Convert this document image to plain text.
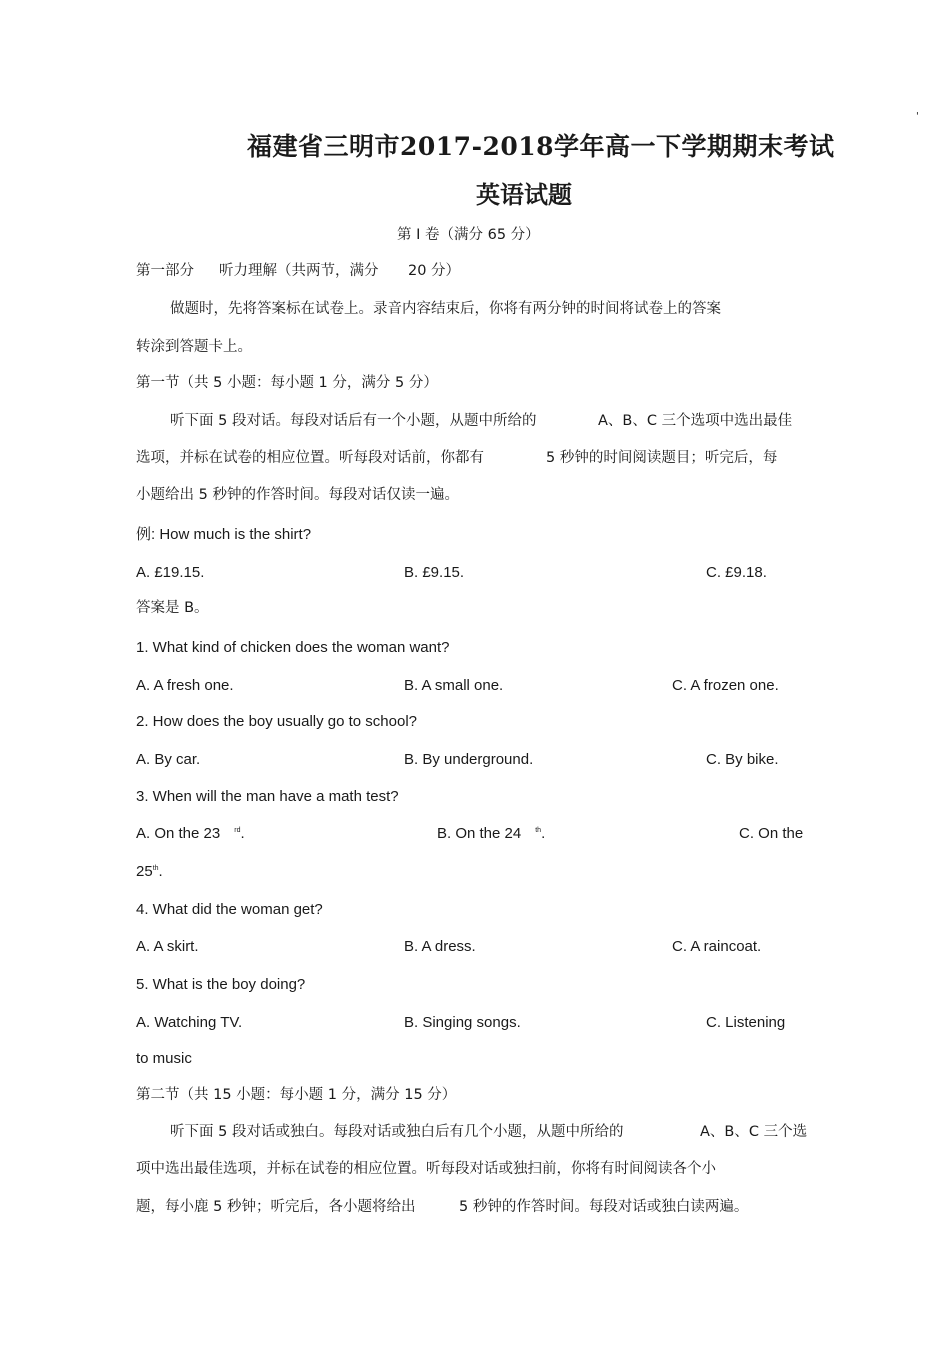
'
福建省三明市2017-2018学年高一下学期期末考试
英语试题
第 I 卷（满分 65 分）
第一部分 听力理解（共两节，满分 20 分）
做题时，先将答案标在试卷上。录音内容结束后，你将有两分钟的时间将试卷上的答案
转涂到答题卡上。
第一节（共 5 小题：每小题 1 分，满分 5 分）
听下面 5 段对话。每段对话后有一个小题，从题中所给的	A、B、C 三个选项中选出最佳
选项，并标在试卷的相应位置。听每段对话前，你都有	5 秒钟的时间阅读题目；听完后，每
小题给出 5 秒钟的作答时间。每段对话仅读一遍。
例: How much is the shirt?
A. £19.15.	B. £9.15.	C. £9.18.
答案是 B。
1. What kind of chicken does the woman want?
A. A fresh one.	B. A small one.	C. A frozen one.
2. How does the boy usually go to school?
A. By car.	B. By underground.	C. By bike.
3. When will the man have a math test?
A. On the 23 $^{rd}$.	B. On the 24 $^{th}$.	C. On the
25th.
4. What did the woman get?
A. A skirt.	B. A dress.	C. A raincoat.
5. What is the boy doing?
A. Watching TV.	B. Singing songs.	C. Listening
to music
第二节（共 15 小题：每小题 1 分，满分 15 分）
听下面 5 段对话或独白。每段对话或独白后有几个小题，从题中所给的	A、B、C 三个选
项中选出最佳选项，并标在试卷的相应位置。听每段对话或独扫前，你将有时间阅读各个小
题，每小鹿 5 秒钟；听完后，各小题将给出	5 秒钟的作答时间。每段对话或独白读两遍。
